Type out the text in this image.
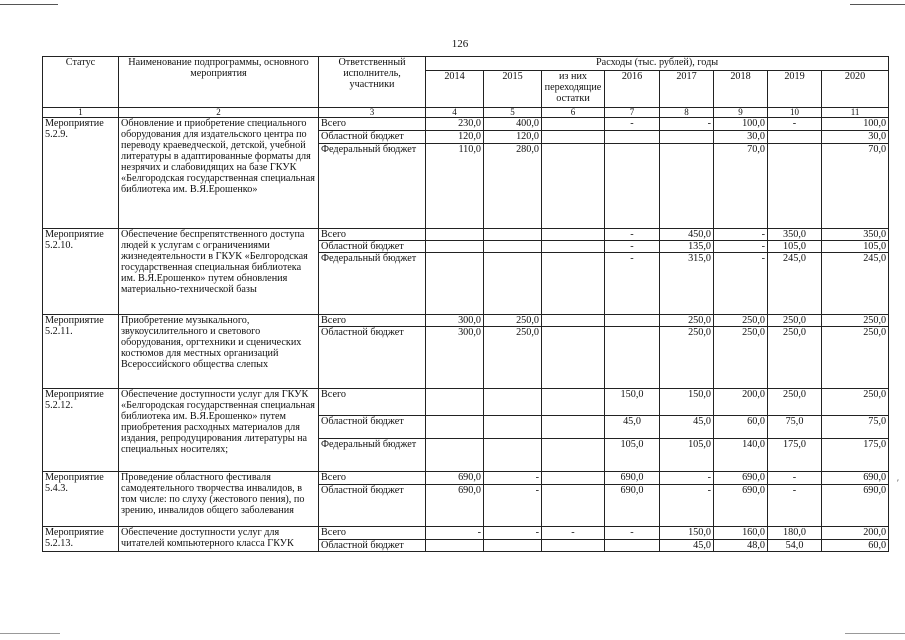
126
′
Статус	Наименование подпрограммы, основного мероприятия	Ответственный исполнитель, участники	Расходы (тыс. рублей), годы							
			2014	2015	из них переходящие остатки	2016	2017	2018	2019	2020
1	2	3	4	5	6	7	8	9	10	11
Мероприятие 5.2.9.	Обновление и приобретение специального оборудования для издательского центра по переводу краеведческой, детской, учебной литературы в адаптированные форматы для незрячих и слабовидящих на базе ГКУК «Белгородская государственная специальная библиотека им. В.Я.Ерошенко»	Всего	230,0	400,0		-	-	100,0	-	100,0
		Областной бюджет	120,0	120,0				30,0		30,0
		Федеральный бюджет	110,0	280,0				70,0		70,0
Мероприятие 5.2.10.	Обеспечение беспрепятственного доступа людей к услугам с ограничениями жизнедеятельности в ГКУК «Белгородская государственная специальная библиотека им. В.Я.Ерошенко» путем обновления материально-технической базы	Всего				-	450,0	-	350,0	350,0
		Областной бюджет				-	135,0	-	105,0	105,0
		Федеральный бюджет				-	315,0	-	245,0	245,0
Мероприятие 5.2.11.	Приобретение музыкального, звукоусилительного и светового оборудования, оргтехники и сценических костюмов для местных организаций Всероссийского общества слепых	Всего	300,0	250,0			250,0	250,0	250,0	250,0
		Областной бюджет	300,0	250,0			250,0	250,0	250,0	250,0
Мероприятие 5.2.12.	Обеспечение доступности услуг для ГКУК «Белгородская государственная специальная библиотека им. В.Я.Ерошенко» путем приобретения расходных материалов для издания, репродуцирования литературы на специальных носителях;	Всего				150,0	150,0	200,0	250,0	250,0
		Областной бюджет				45,0	45,0	60,0	75,0	75,0
		Федеральный бюджет				105,0	105,0	140,0	175,0	175,0
Мероприятие 5.4.3.	Проведение областного фестиваля самодеятельного творчества инвалидов, в том числе: по слуху (жестового пения), по зрению, инвалидов общего заболевания	Всего	690,0	-		690,0	-	690,0	-	690,0
		Областной бюджет	690,0	-		690,0	-	690,0	-	690,0
Мероприятие 5.2.13.	Обеспечение доступности услуг для читателей компьютерного класса ГКУК	Всего	-	-	-	-	150,0	160,0	180,0	200,0
		Областной бюджет					45,0	48,0	54,0	60,0
